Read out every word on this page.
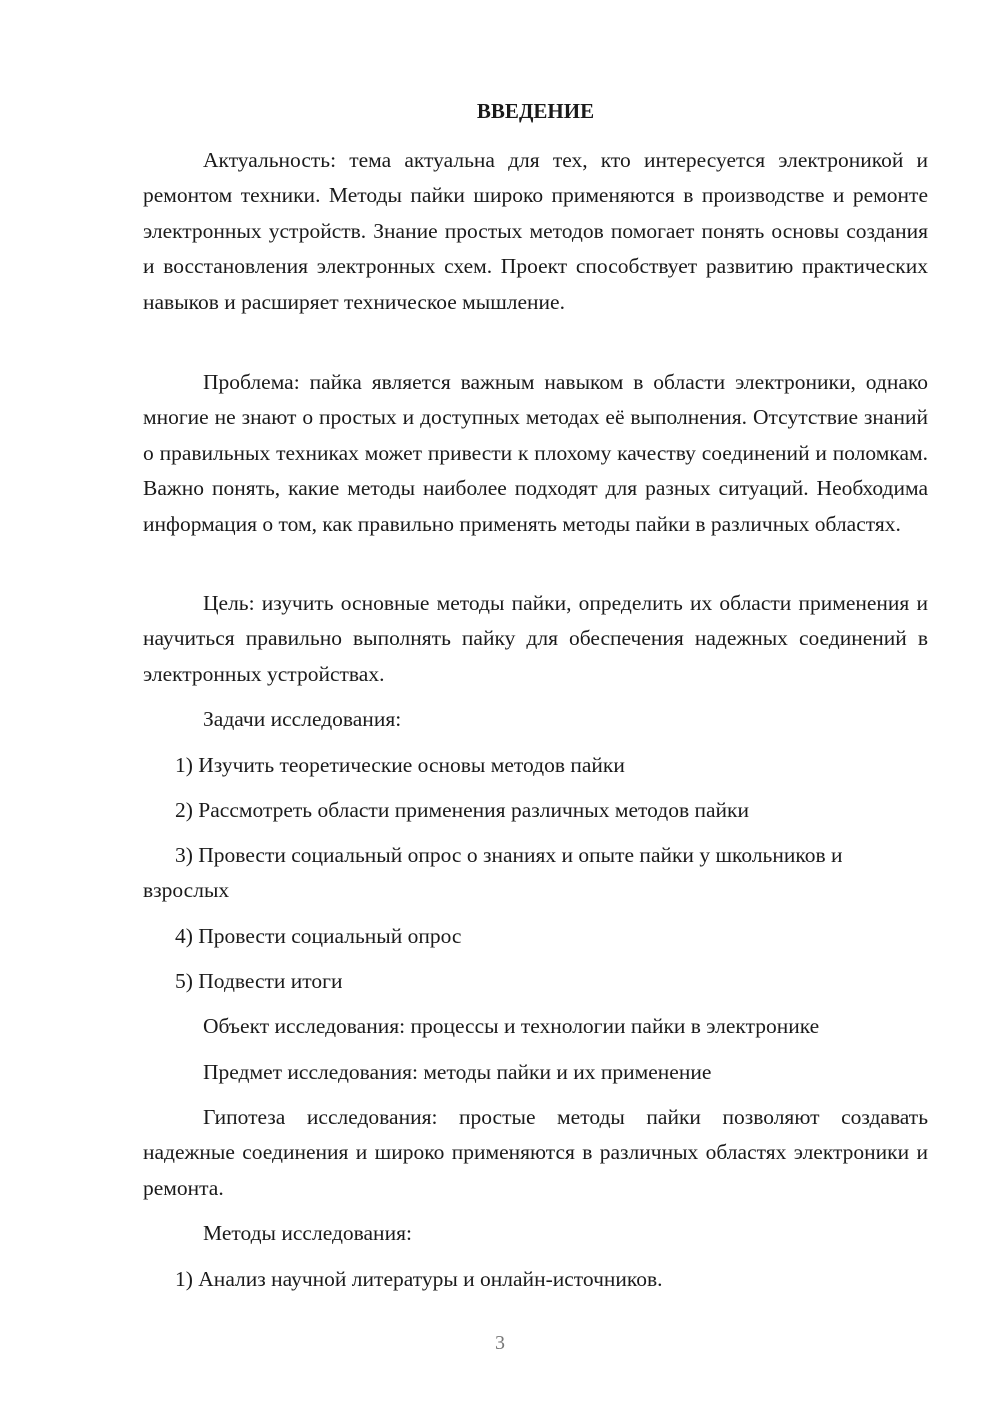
ВВЕДЕНИЕ

Актуальность: тема актуальна для тех, кто интересуется электроникой и ремонтом техники. Методы пайки широко применяются в производстве и ремонте электронных устройств. Знание простых методов помогает понять основы создания и восстановления электронных схем. Проект способствует развитию практических навыков и расширяет техническое мышление.

Проблема: пайка является важным навыком в области электроники, однако многие не знают о простых и доступных методах её выполнения. Отсутствие знаний о правильных техниках может привести к плохому качеству соединений и поломкам. Важно понять, какие методы наиболее подходят для разных ситуаций. Необходима информация о том, как правильно применять методы пайки в различных областях.

Цель: изучить основные методы пайки, определить их области применения и научиться правильно выполнять пайку для обеспечения надежных соединений в электронных устройствах.

Задачи исследования:

1) Изучить теоретические основы методов пайки

2) Рассмотреть области применения различных методов пайки

3) Провести социальный опрос о знаниях и опыте пайки у школьников и взрослых

4) Провести социальный опрос

5) Подвести итоги

Объект исследования: процессы и технологии пайки в электронике

Предмет исследования: методы пайки и их применение

Гипотеза исследования: простые методы пайки позволяют создавать надежные соединения и широко применяются в различных областях электроники и ремонта.

Методы исследования:

1) Анализ научной литературы и онлайн-источников.

3
